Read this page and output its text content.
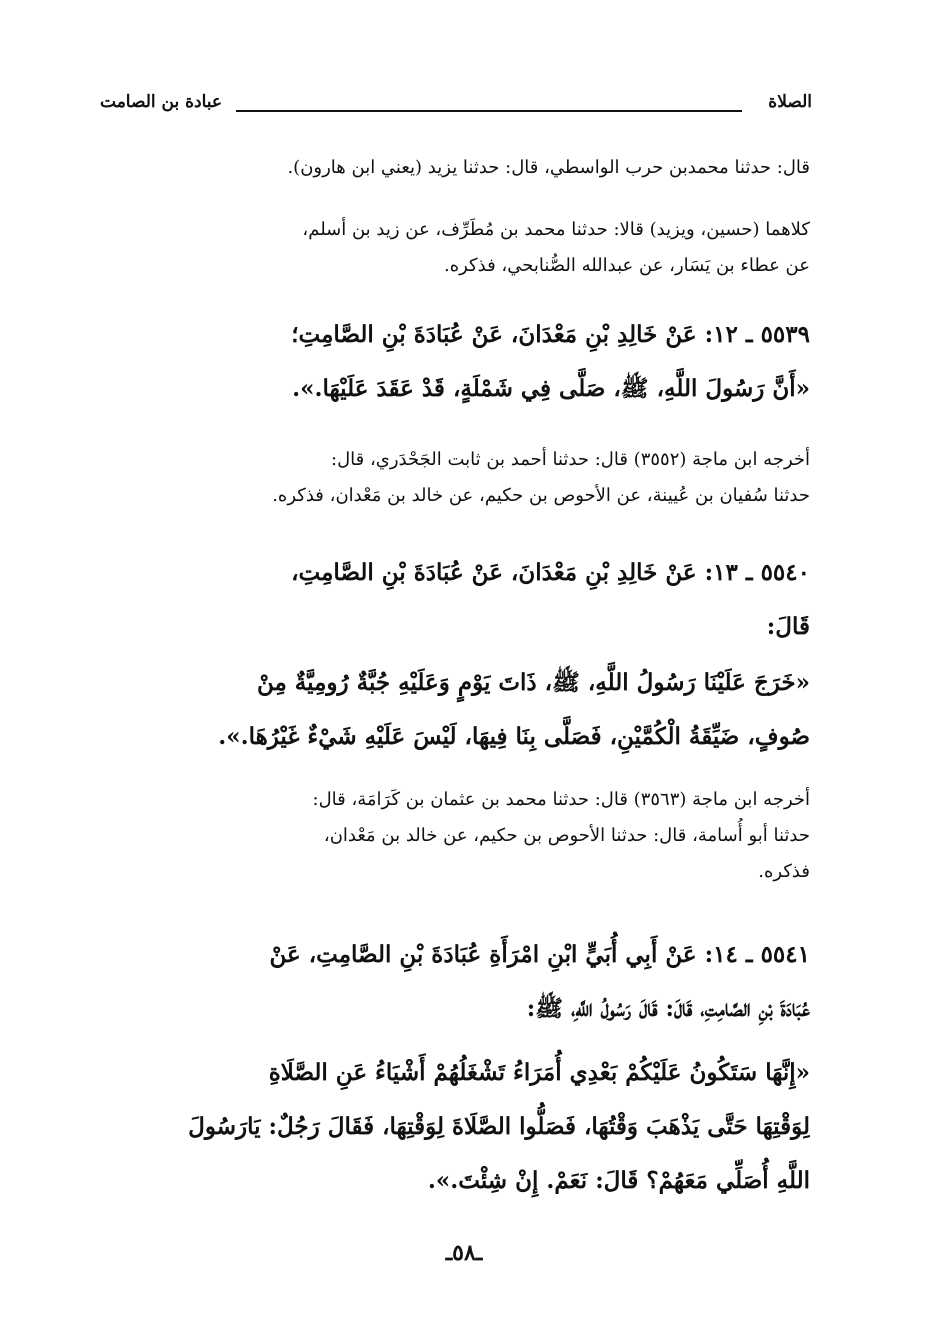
عبادة بن الصامت	الصلاة
قال: حدثنا محمدبن حرب الواسطي، قال: حدثنا يزيد (يعني ابن هارون).
كلاهما (حسين، ويزيد) قالا: حدثنا محمد بن مُطَرِّف، عن زيد بن أسلم،
عن عطاء بن يَسَار، عن عبدالله الصُّنابحي، فذكره.
٥٥٣٩ ـ ١٢: عَنْ خَالِدِ بْنِ مَعْدَانَ، عَنْ عُبَادَةَ بْنِ الصَّامِتِ؛
«أَنَّ رَسُولَ اللَّهِ، ﷺ، صَلَّى فِي شَمْلَةٍ، قَدْ عَقَدَ عَلَيْهَا.».
أخرجه ابن ماجة (٣٥٥٢) قال: حدثنا أحمد بن ثابت الجَحْدَري، قال:
حدثنا سُفيان بن عُيينة، عن الأحوص بن حكيم، عن خالد بن مَعْدان، فذكره.
٥٥٤٠ ـ ١٣: عَنْ خَالِدِ بْنِ مَعْدَانَ، عَنْ عُبَادَةَ بْنِ الصَّامِتِ،
قَالَ:
«خَرَجَ عَلَيْنَا رَسُولُ اللَّهِ، ﷺ، ذَاتَ يَوْمٍ وَعَلَيْهِ جُبَّةٌ رُومِيَّةٌ مِنْ
صُوفٍ، ضَيِّقَةُ الْكُمَّيْنِ، فَصَلَّى بِنَا فِيهَا، لَيْسَ عَلَيْهِ شَيْءٌ غَيْرُهَا.».
أخرجه ابن ماجة (٣٥٦٣) قال: حدثنا محمد بن عثمان بن كَرَامَة، قال:
حدثنا أبو أُسامة، قال: حدثنا الأحوص بن حكيم، عن خالد بن مَعْدان،
فذكره.
٥٥٤١ ـ ١٤: عَنْ أَبِي أُبَيٍّ ابْنِ امْرَأَةِ عُبَادَةَ بْنِ الصَّامِتِ، عَنْ
عُبَادَةَ بْنِ الصَّامِتِ، قَالَ: قَالَ رَسُولُ اللَّهِ، ﷺ:
«إِنَّهَا سَتَكُونُ عَلَيْكُمْ بَعْدِي أُمَرَاءُ تَشْغَلُهُمْ أَشْيَاءُ عَنِ الصَّلَاةِ
لِوَقْتِهَا حَتَّى يَذْهَبَ وَقْتُهَا، فَصَلُّوا الصَّلَاةَ لِوَقْتِهَا، فَقَالَ رَجُلٌ: يَارَسُولَ
اللَّهِ أُصَلِّي مَعَهُمْ؟ قَالَ: نَعَمْ. إِنْ شِئْتَ.».
ـ٥٨ـ
